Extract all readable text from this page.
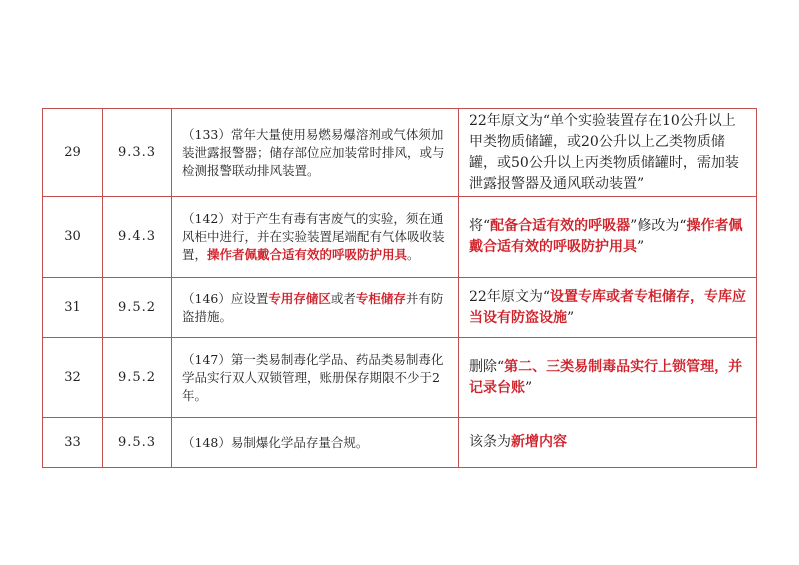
29	9.3.3	（133）常年大量使用易燃易爆溶剂或气体须加装泄露报警器；储存部位应加装常时排风，或与检测报警联动排风装置。	22年原文为“单个实验装置存在10公升以上甲类物质储罐，或20公升以上乙类物质储罐，或50公升以上丙类物质储罐时，需加装泄露报警器及通风联动装置”
30	9.4.3	（142）对于产生有毒有害废气的实验，须在通风柜中进行，并在实验装置尾端配有气体吸收装置，操作者佩戴合适有效的呼吸防护用具。	将“配备合适有效的呼吸器”修改为“操作者佩戴合适有效的呼吸防护用具”
31	9.5.2	（146）应设置专用存储区或者专柜储存并有防盗措施。	22年原文为“设置专库或者专柜储存，专库应当设有防盗设施”
32	9.5.2	（147）第一类易制毒化学品、药品类易制毒化学品实行双人双锁管理，账册保存期限不少于2年。	删除“第二、三类易制毒品实行上锁管理，并记录台账”
33	9.5.3	（148）易制爆化学品存量合规。	该条为新增内容
